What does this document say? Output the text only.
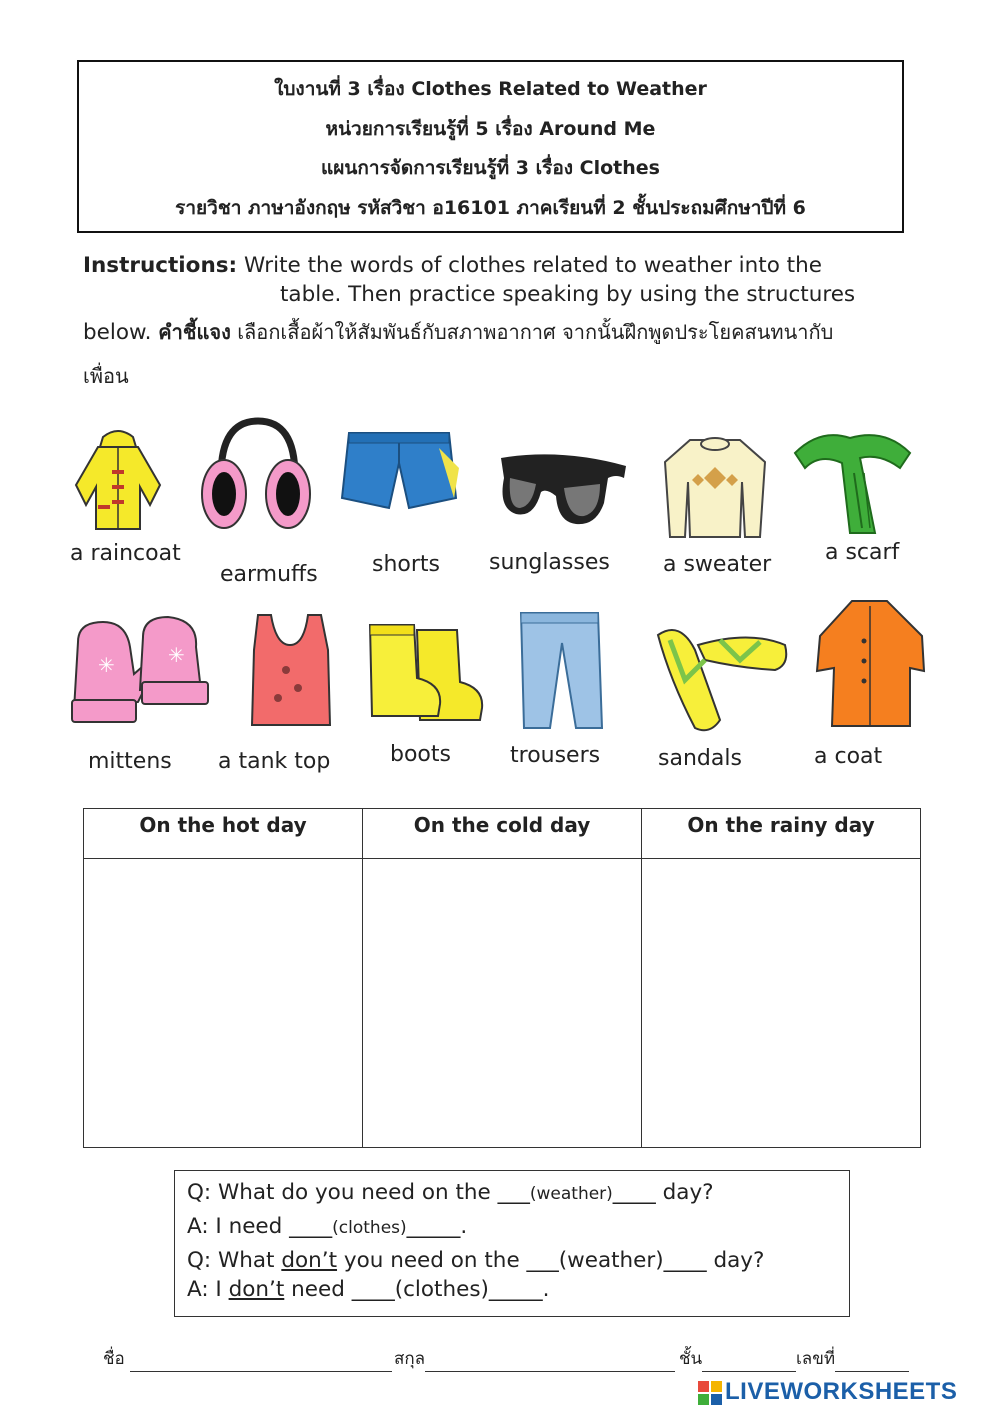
ใบงานที่ 3 เรื่อง Clothes Related to Weather
หน่วยการเรียนรู้ที่ 5 เรื่อง Around Me
แผนการจัดการเรียนรู้ที่ 3 เรื่อง Clothes
รายวิชา ภาษาอังกฤษ รหัสวิชา อ16101 ภาคเรียนที่ 2 ชั้นประถมศึกษาปีที่ 6
Instructions: Write the words of clothes related to weather into the
table. Then practice speaking by using the structures
below. คำชี้แจง เลือกเสื้อผ้าให้สัมพันธ์กับสภาพอากาศ จากนั้นฝึกพูดประโยคสนทนากับ
เพื่อน
a raincoat
earmuffs shorts sunglasses a sweater a scarf
✳	✳
mittens a tank top	boots	trousers	sandals	a coat
On the hot day	On the cold day	On the rainy day

Q: What do you need on the ___(weather)____ day?
A: I need ____(clothes)_____.
Q: What don’t you need on the ___(weather)____ day?
A: I don’t need ____(clothes)_____.
ชื่อ	สกุล	ชั้น	เลขที่
LIVEWORKSHEETS
